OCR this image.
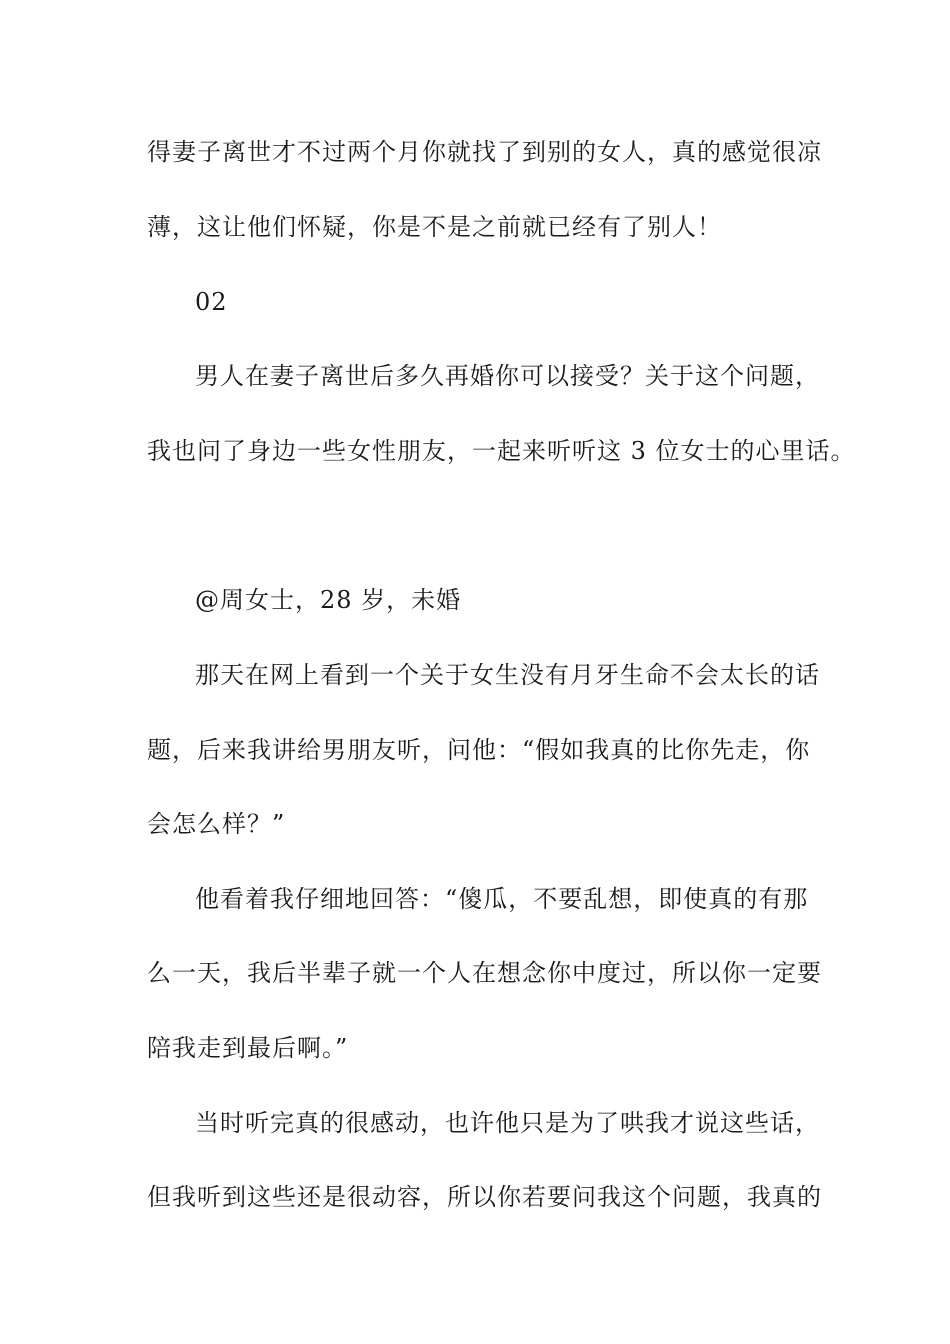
得妻子离世才不过两个月你就找了到别的女人，真的感觉很凉
薄，这让他们怀疑，你是不是之前就已经有了别人！
02
男人在妻子离世后多久再婚你可以接受？关于这个问题，
我也问了身边一些女性朋友，一起来听听这 3 位女士的心里话。
@周女士，28 岁，未婚
那天在网上看到一个关于女生没有月牙生命不会太长的话
题，后来我讲给男朋友听，问他：“假如我真的比你先走，你
会怎么样？”
他看着我仔细地回答：“傻瓜，不要乱想，即使真的有那
么一天，我后半辈子就一个人在想念你中度过，所以你一定要
陪我走到最后啊。”
当时听完真的很感动，也许他只是为了哄我才说这些话，
但我听到这些还是很动容，所以你若要问我这个问题，我真的
